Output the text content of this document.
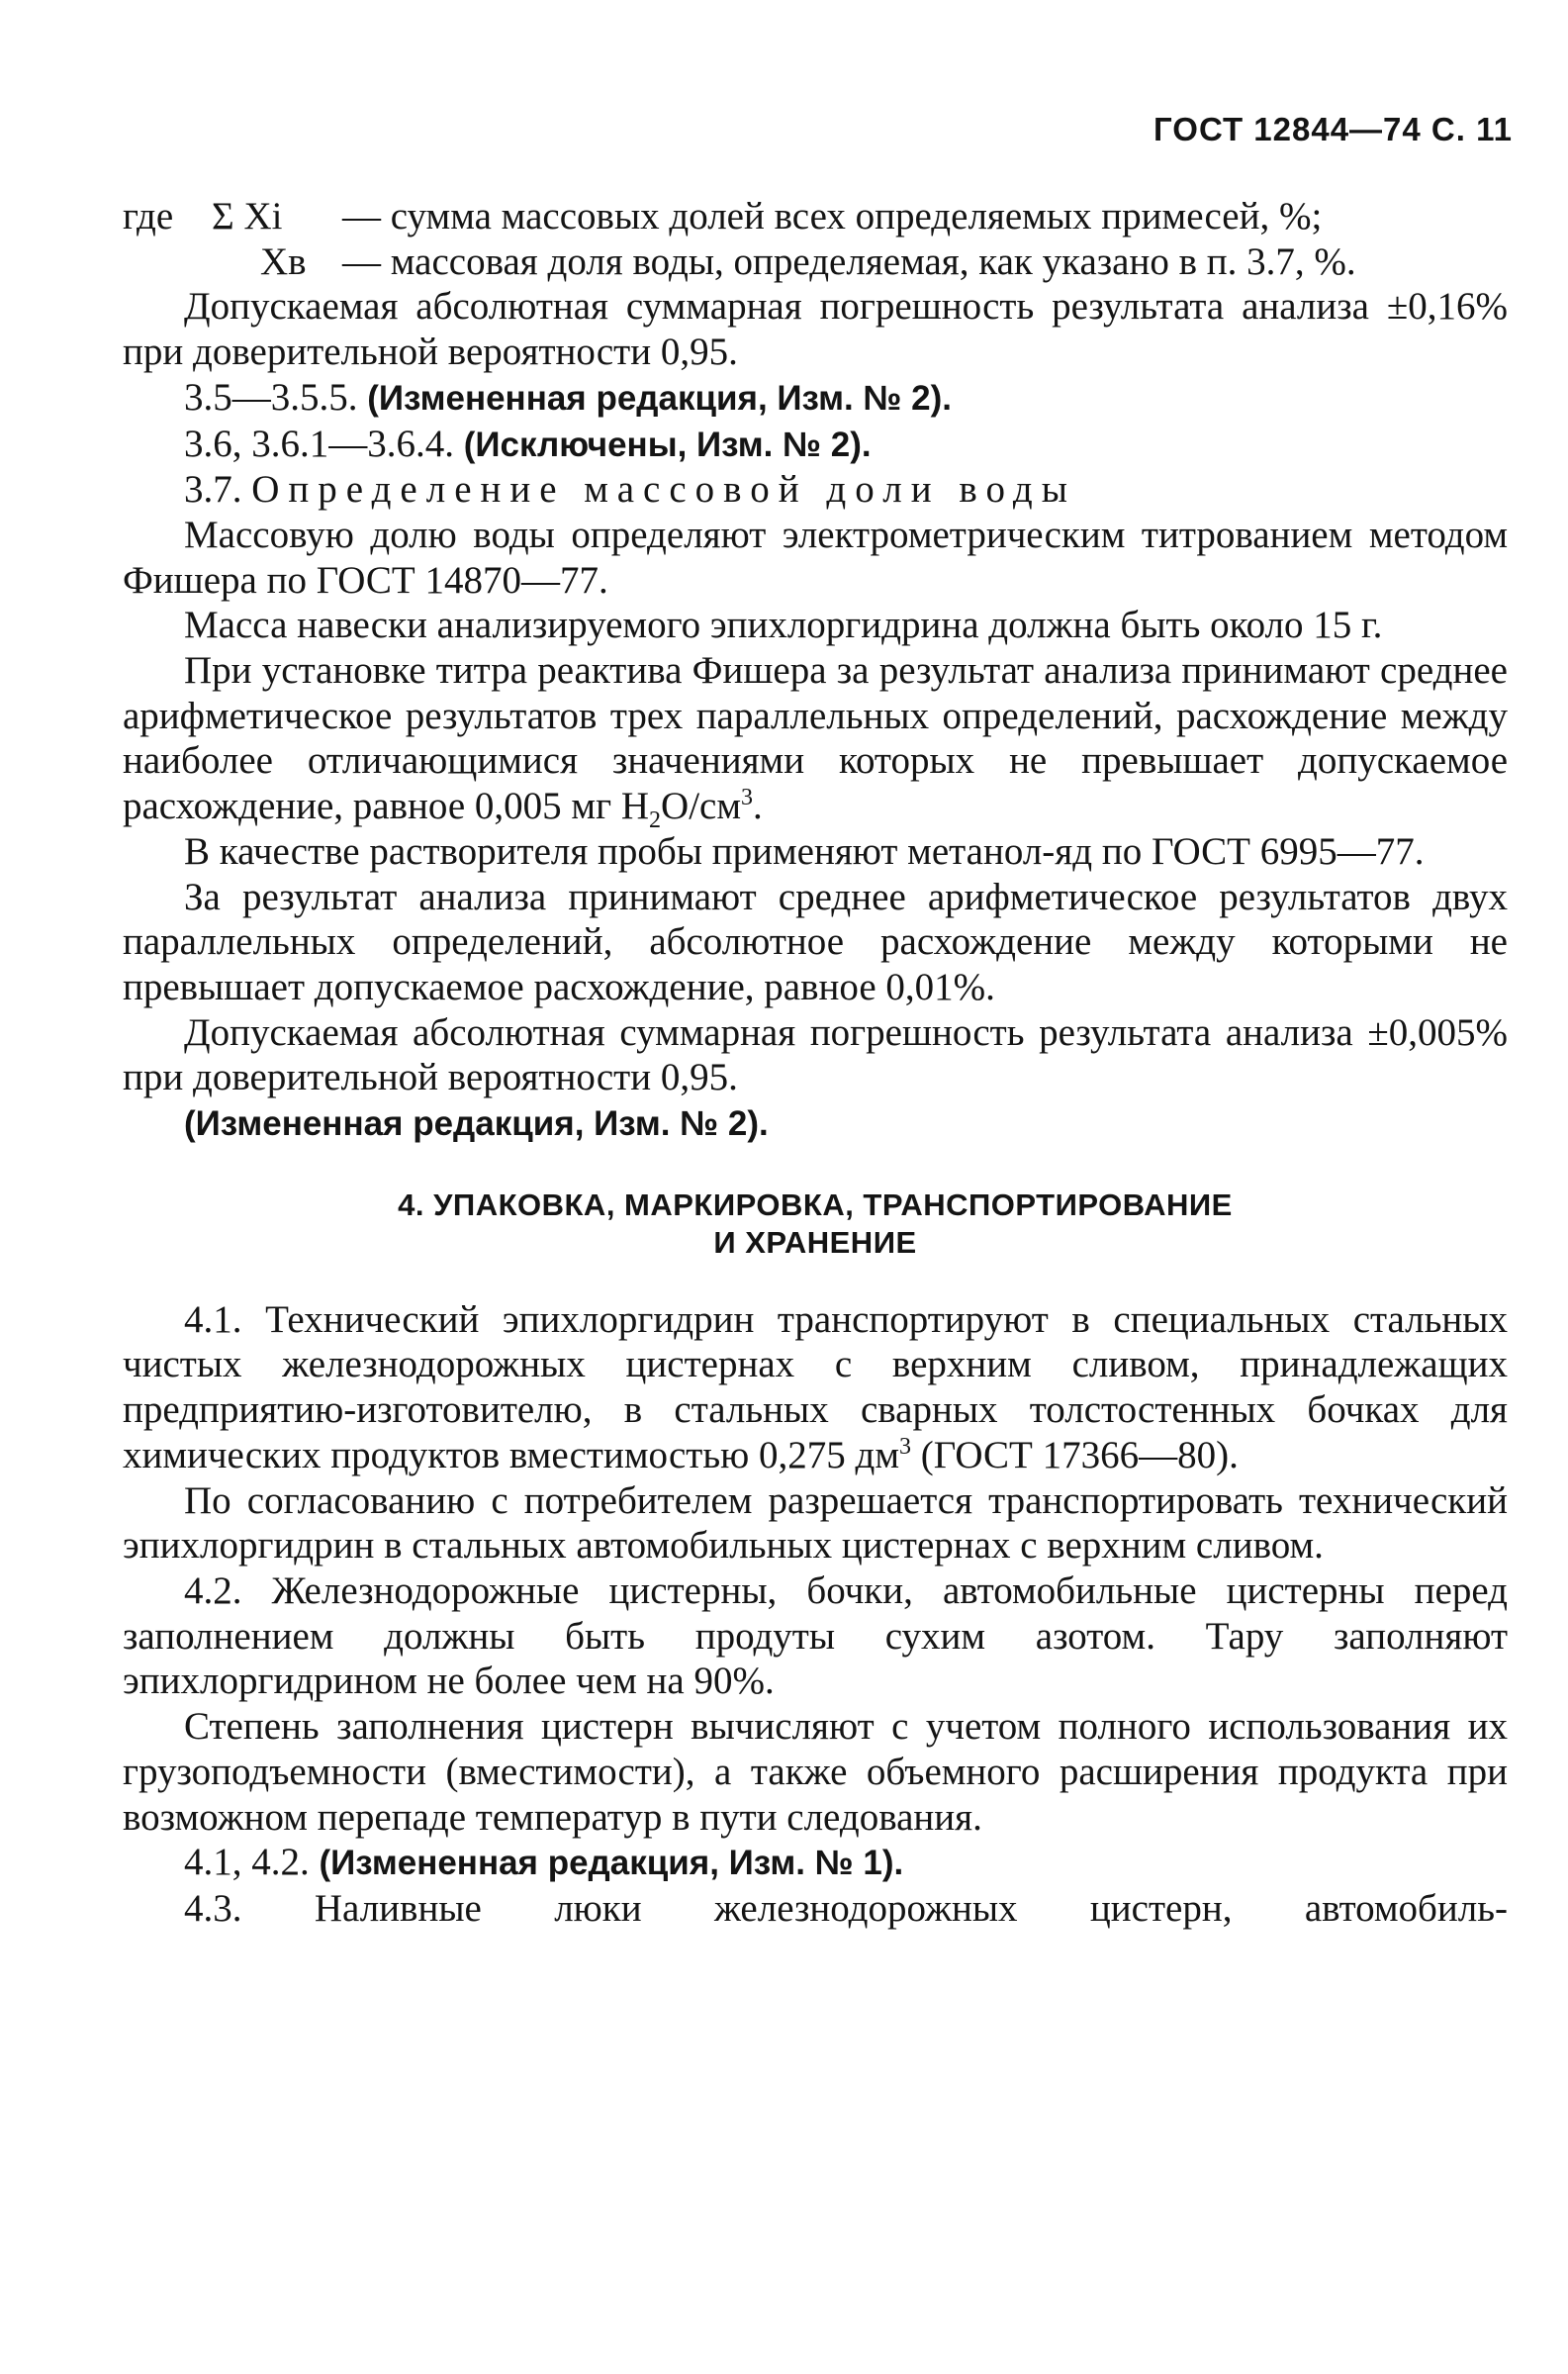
ГОСТ 12844—74 С. 11
где Σ Xi	— сумма массовых долей всех определяемых примесей, %;
Xв — массовая доля воды, определяемая, как указано в п. 3.7, %.

Допускаемая абсолютная суммарная погрешность результата анализа ±0,16% при доверительной вероятности 0,95.

3.5—3.5.5. (Измененная редакция, Изм. № 2).

3.6, 3.6.1—3.6.4. (Исключены, Изм. № 2).

3.7. Определение массовой доли воды

Массовую долю воды определяют электрометрическим титрованием методом Фишера по ГОСТ 14870—77.

Масса навески анализируемого эпихлоргидрина должна быть около 15 г.

При установке титра реактива Фишера за результат анализа принимают среднее арифметическое результатов трех параллельных определений, расхождение между наиболее отличающимися значениями которых не превышает допускаемое расхождение, равное 0,005 мг $H_2O/см^3$.

В качестве растворителя пробы применяют метанол-яд по ГОСТ 6995—77.

За результат анализа принимают среднее арифметическое результатов двух параллельных определений, абсолютное расхождение между которыми не превышает допускаемое расхождение, равное 0,01%.

Допускаемая абсолютная суммарная погрешность результата анализа ±0,005% при доверительной вероятности 0,95.

(Измененная редакция, Изм. № 2).

4. УПАКОВКА, МАРКИРОВКА, ТРАНСПОРТИРОВАНИЕ
И ХРАНЕНИЕ

4.1. Технический эпихлоргидрин транспортируют в специальных стальных чистых железнодорожных цистернах с верхним сливом, принадлежащих предприятию-изготовителю, в стальных сварных толстостенных бочках для химических продуктов вместимостью 0,275 $дм^3$ (ГОСТ 17366—80).

По согласованию с потребителем разрешается транспортировать технический эпихлоргидрин в стальных автомобильных цистернах с верхним сливом.

4.2. Железнодорожные цистерны, бочки, автомобильные цистерны перед заполнением должны быть продуты сухим азотом. Тару заполняют эпихлоргидрином не более чем на 90%.

Степень заполнения цистерн вычисляют с учетом полного использования их грузоподъемности (вместимости), а также объемного расширения продукта при возможном перепаде температур в пути следования.

4.1, 4.2. (Измененная редакция, Изм. № 1).

4.3. Наливные люки железнодорожных цистерн, автомобиль-
